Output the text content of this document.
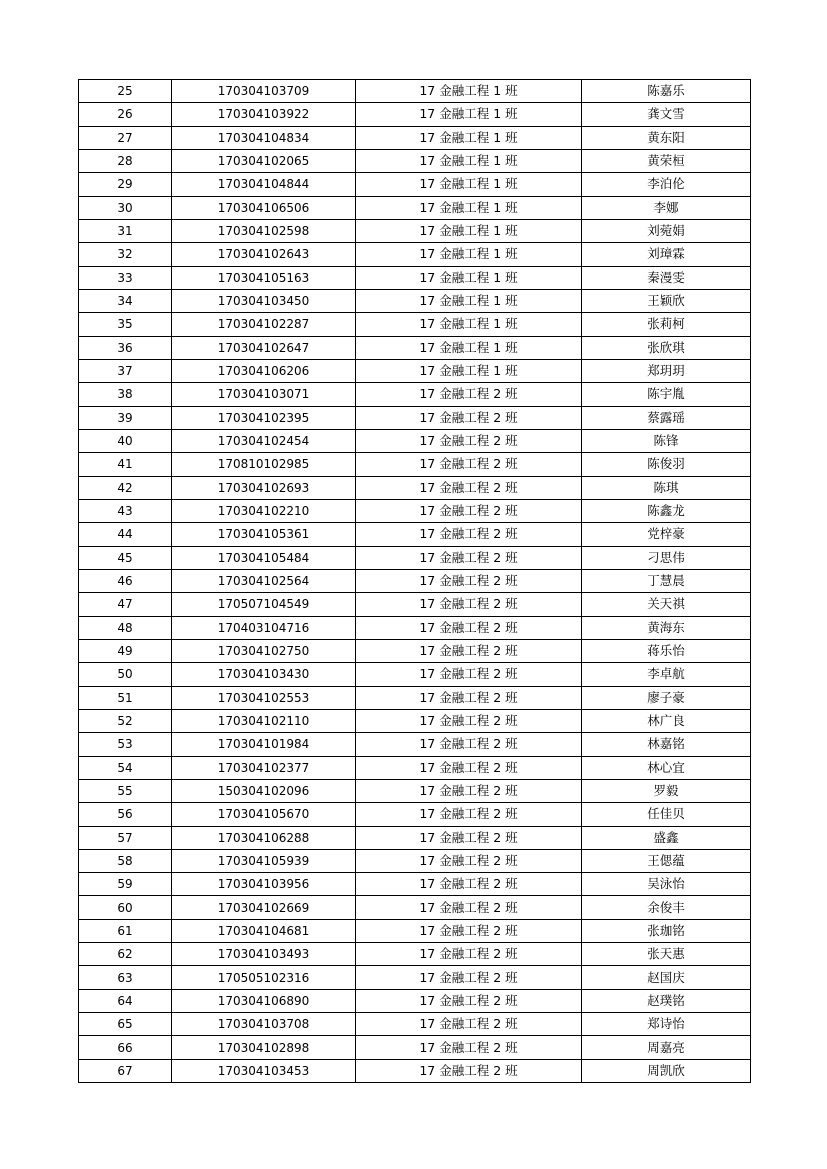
25	170304103709	17 金融工程 1 班	陈嘉乐
26	170304103922	17 金融工程 1 班	龚文雪
27	170304104834	17 金融工程 1 班	黄东阳
28	170304102065	17 金融工程 1 班	黄荣桓
29	170304104844	17 金融工程 1 班	李泊伦
30	170304106506	17 金融工程 1 班	李娜
31	170304102598	17 金融工程 1 班	刘菀娟
32	170304102643	17 金融工程 1 班	刘璋霖
33	170304105163	17 金融工程 1 班	秦漫雯
34	170304103450	17 金融工程 1 班	王颖欣
35	170304102287	17 金融工程 1 班	张莉柯
36	170304102647	17 金融工程 1 班	张欣琪
37	170304106206	17 金融工程 1 班	郑玥玥
38	170304103071	17 金融工程 2 班	陈宇胤
39	170304102395	17 金融工程 2 班	蔡露瑶
40	170304102454	17 金融工程 2 班	陈锋
41	170810102985	17 金融工程 2 班	陈俊羽
42	170304102693	17 金融工程 2 班	陈琪
43	170304102210	17 金融工程 2 班	陈鑫龙
44	170304105361	17 金融工程 2 班	党梓豪
45	170304105484	17 金融工程 2 班	刁思伟
46	170304102564	17 金融工程 2 班	丁慧晨
47	170507104549	17 金融工程 2 班	关天祺
48	170403104716	17 金融工程 2 班	黄海东
49	170304102750	17 金融工程 2 班	蒋乐怡
50	170304103430	17 金融工程 2 班	李卓航
51	170304102553	17 金融工程 2 班	廖子豪
52	170304102110	17 金融工程 2 班	林广良
53	170304101984	17 金融工程 2 班	林嘉铭
54	170304102377	17 金融工程 2 班	林心宜
55	150304102096	17 金融工程 2 班	罗毅
56	170304105670	17 金融工程 2 班	任佳贝
57	170304106288	17 金融工程 2 班	盛鑫
58	170304105939	17 金融工程 2 班	王偲蕴
59	170304103956	17 金融工程 2 班	吴泳怡
60	170304102669	17 金融工程 2 班	余俊丰
61	170304104681	17 金融工程 2 班	张珈铭
62	170304103493	17 金融工程 2 班	张天惠
63	170505102316	17 金融工程 2 班	赵国庆
64	170304106890	17 金融工程 2 班	赵璞铭
65	170304103708	17 金融工程 2 班	郑诗怡
66	170304102898	17 金融工程 2 班	周嘉亮
67	170304103453	17 金融工程 2 班	周凯欣
